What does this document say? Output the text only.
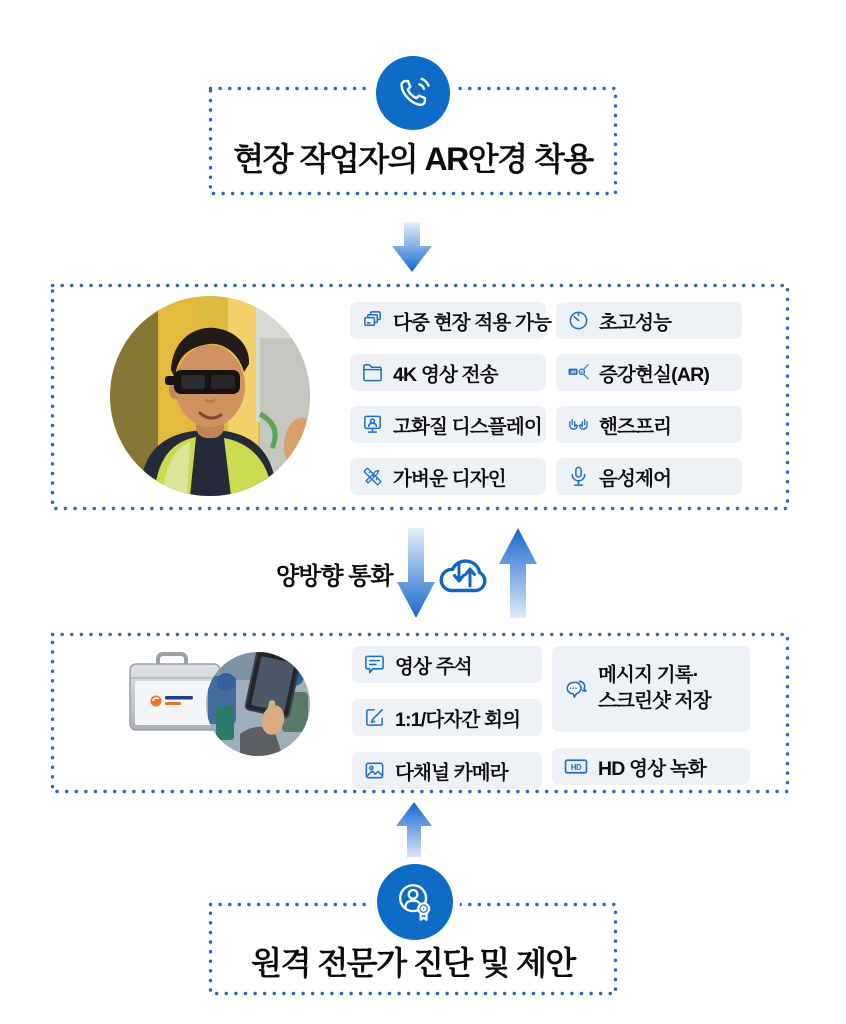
현장 작업자의 AR안경 착용
다중 현장 적용 가능 초고성능
4K 영상 전송	AR 증강현실(AR)
고화질 디스플레이	핸즈프리
가벼운 디자인	음성제어
양방향 통화
영상 주석
1:1/다자간 회의
다채널 카메라
메시지 기록·
스크린샷 저장
HD HD 영상 녹화
원격 전문가 진단 및 제안
